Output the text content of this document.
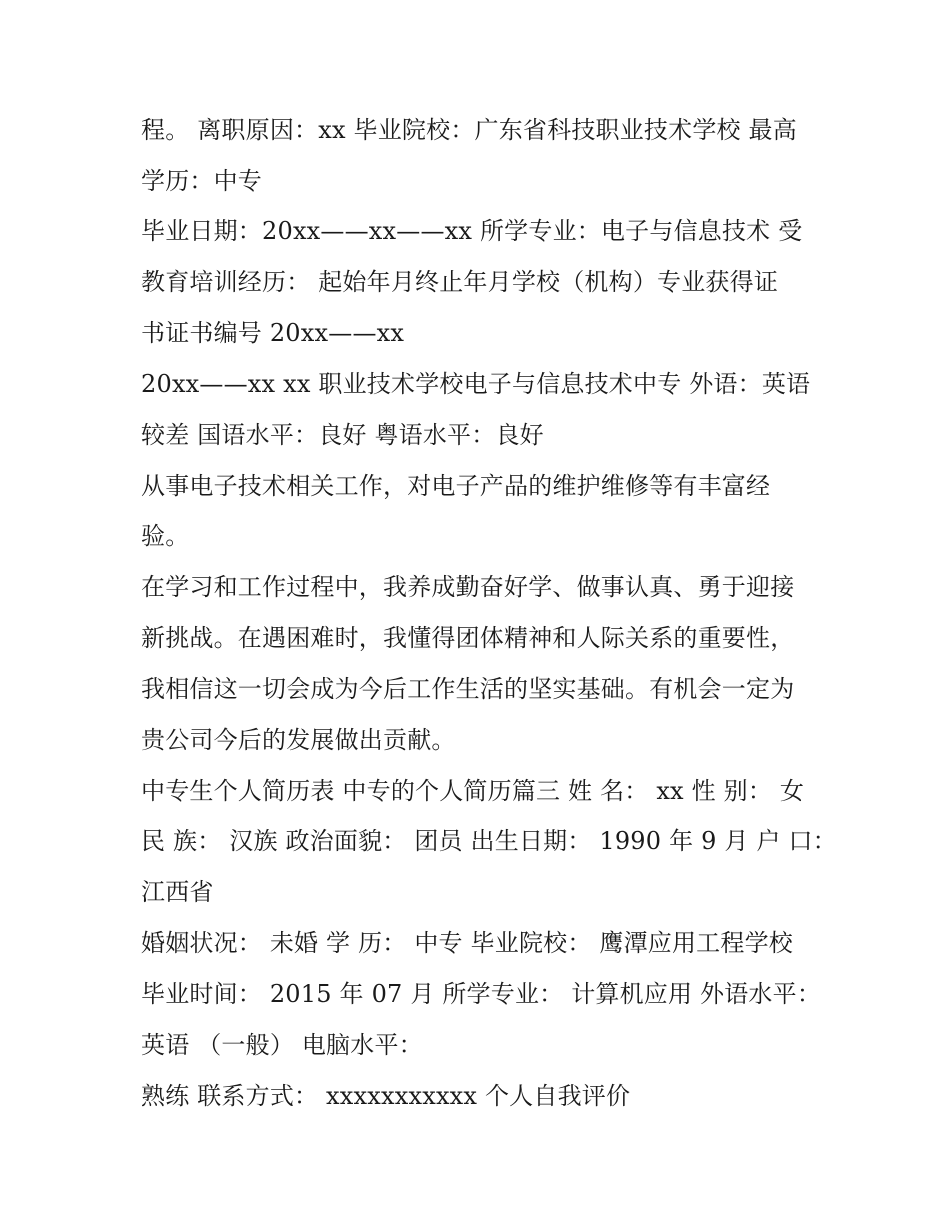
程。 离职原因：xx 毕业院校：广东省科技职业技术学校 最高
学历：中专
毕业日期：20xx——xx——xx 所学专业：电子与信息技术 受
教育培训经历： 起始年月终止年月学校（机构）专业获得证
书证书编号 20xx——xx
20xx——xx xx 职业技术学校电子与信息技术中专 外语：英语
较差 国语水平：良好 粤语水平：良好
从事电子技术相关工作，对电子产品的维护维修等有丰富经
验。
在学习和工作过程中，我养成勤奋好学、做事认真、勇于迎接
新挑战。在遇困难时，我懂得团体精神和人际关系的重要性，
我相信这一切会成为今后工作生活的坚实基础。有机会一定为
贵公司今后的发展做出贡献。
中专生个人简历表 中专的个人简历篇三 姓 名： xx 性 别： 女
民 族： 汉族 政治面貌： 团员 出生日期： 1990 年 9 月 户 口：
江西省
婚姻状况： 未婚 学 历： 中专 毕业院校： 鹰潭应用工程学校
毕业时间： 2015 年 07 月 所学专业： 计算机应用 外语水平：
英语 （一般） 电脑水平：
熟练 联系方式： xxxxxxxxxxx 个人自我评价
